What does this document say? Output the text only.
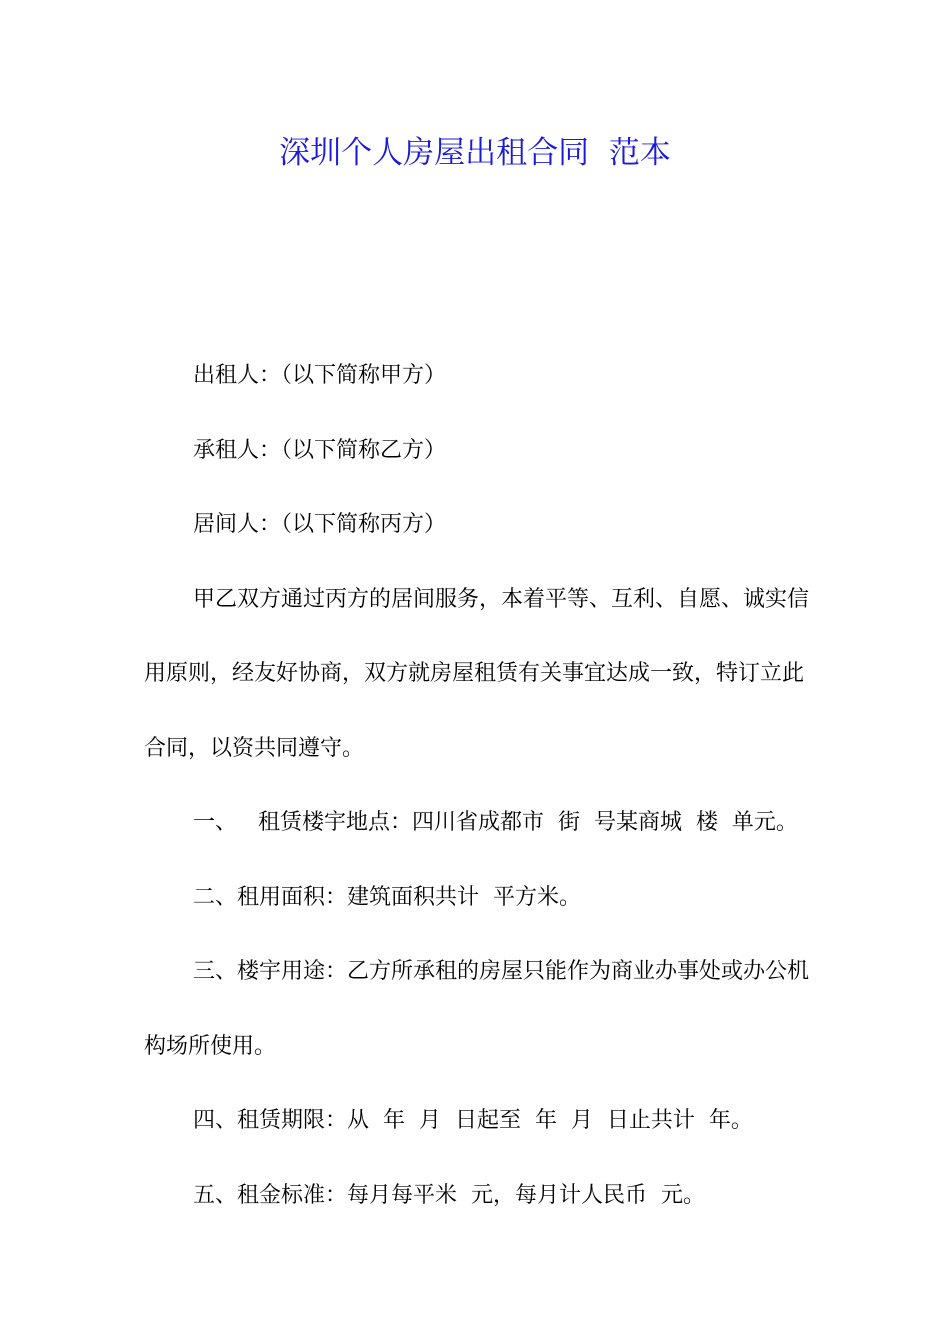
深圳个人房屋出租合同  范本

出租人：（以下简称甲方）

承租人：（以下简称乙方）

居间人：（以下简称丙方）

甲乙双方通过丙方的居间服务，本着平等、互利、自愿、诚实信用原则，经友好协商，双方就房屋租赁有关事宜达成一致，特订立此合同，以资共同遵守。

一、   租赁楼宇地点：四川省成都市  街  号某商城  楼  单元。

二、租用面积：建筑面积共计  平方米。

三、楼宇用途：乙方所承租的房屋只能作为商业办事处或办公机构场所使用。

四、租赁期限：从  年  月  日起至  年  月  日止共计  年。

五、租金标准：每月每平米  元，每月计人民币  元。
